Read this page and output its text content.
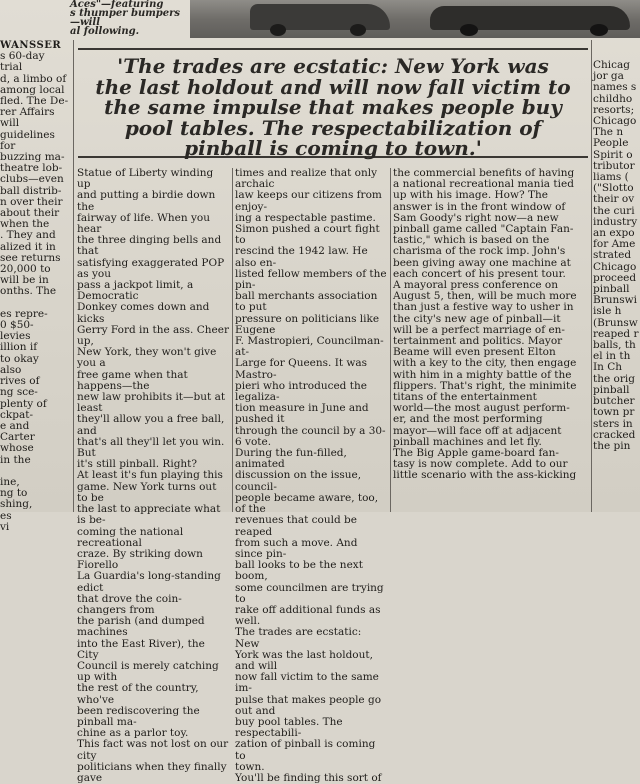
Aces"—featuring
s thumper bumpers—will
al following.

WANSSER

s 60-day trial
d, a limbo of
among local
fled. The De-
rer Affairs will
guidelines for
buzzing ma-
theatre lob-
clubs—even
ball distrib-
n over their
about their
when the
. They and
alized it in
see returns
20,000 to
will be in
onths. The

es repre-
0 $50-
levies
illion if
to okay
also
rives of
ng sce-
plenty of
ckpat-
e and
Carter
whose
in the

ine,
ng to
shing,
es
vi

'The trades are ecstatic: New York was
the last holdout and will now fall victim to
the same impulse that makes people buy
pool tables. The respectabilization of
pinball is coming to town.'

Statue of Liberty winding up
and putting a birdie down the
fairway of life. When you hear
the three dinging bells and that
satisfying exaggerated POP as you
pass a jackpot limit, a Democratic
Donkey comes down and kicks
Gerry Ford in the ass. Cheer up,
New York, they won't give you a
free game when that happens—the
new law prohibits it—but at least
they'll allow you a free ball, and
that's all they'll let you win. But
it's still pinball. Right?
At least it's fun playing this
game. New York turns out to be
the last to appreciate what is be-
coming the national recreational
craze. By striking down Fiorello
La Guardia's long-standing edict
that drove the coin-changers from
the parish (and dumped machines
into the East River), the City
Council is merely catching up with
the rest of the country, who've
been rediscovering the pinball ma-
chine as a parlor toy.
This fact was not lost on our city
politicians when they finally gave

times and realize that only archaic
law keeps our citizens from enjoy-
ing a respectable pastime.
Simon pushed a court fight to
rescind the 1942 law. He also en-
listed fellow members of the pin-
ball merchants association to put
pressure on politicians like Eugene
F. Mastropieri, Councilman-at-
Large for Queens. It was Mastro-
pieri who introduced the legaliza-
tion measure in June and pushed it
through the council by a 30-6 vote.
During the fun-filled, animated
discussion on the issue, council-
people became aware, too, of the
revenues that could be reaped
from such a move. And since pin-
ball looks to be the next boom,
some councilmen are trying to
rake off additional funds as well.
The trades are ecstatic: New
York was the last holdout, and will
now fall victim to the same im-
pulse that makes people go out and
buy pool tables. The respectabili-
zation of pinball is coming to
town.
You'll be finding this sort of

the commercial benefits of having
a national recreational mania tied
up with his image. How? The
answer is in the front window of
Sam Goody's right now—a new
pinball game called "Captain Fan-
tastic," which is based on the
charisma of the rock imp. John's
been giving away one machine at
each concert of his present tour.
A mayoral press conference on
August 5, then, will be much more
than just a festive way to usher in
the city's new age of pinball—it
will be a perfect marriage of en-
tertainment and politics. Mayor
Beame will even present Elton
with a key to the city, then engage
with him in a mighty battle of the
flippers. That's right, the minimite
titans of the entertainment
world—the most august perform-
er, and the most performing
mayor—will face off at adjacent
pinball machines and let fly.
The Big Apple game-board fan-
tasy is now complete. Add to our
little scenario with the ass-kicking

Chicag
jor ga
names s
childho
resorts;
Chicago
The n
People
Spirit o
tributor
liams (
("Slotto
their ov
the curi
industry
an expo
for Ame
strated
Chicago
proceed
pinball
Brunswi
isle h
(Brunsw
reaped r
balls, th
el in th
In Ch
the orig
pinball
butcher
town pr
sters in
cracked
the pin
